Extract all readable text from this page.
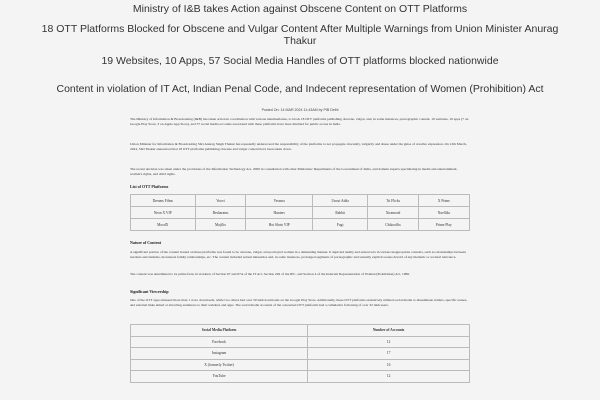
Ministry of I&B takes Action against Obscene Content on OTT Platforms
18 OTT Platforms Blocked for Obscene and Vulgar Content After Multiple Warnings from Union Minister Anurag Thakur
19 Websites, 10 Apps, 57 Social Media Handles of OTT platforms blocked nationwide
Content in violation of IT Act, Indian Penal Code, and Indecent representation of Women (Prohibition) Act
Posted On: 14 MAR 2024 11:43AM by PIB Delhi
The Ministry of Information & Broadcasting (I&B) has taken action in coordination with various intermediaries, to block 18 OTT platforms publishing obscene, vulgar, and, in some instances, pornographic content. 19 websites, 10 apps (7 on Google Play Store, 3 on Apple App Store), and 57 social media accounts associated with these platforms have been disabled for public access in India.
Union Minister for Information & Broadcasting Shri Anurag Singh Thakur has repeatedly underscored the responsibility of the platforms to not propagate obscenity, vulgarity and abuse under the guise of creative expression. On 12th March, 2024, Shri Thakur announced that 18 OTT platforms publishing obscene and vulgar content have been taken down.
The recent decision was taken under the provisions of the Information Technology Act, 2000 in consultation with other Ministries/ Departments of the Government of India, and domain experts specializing in media and entertainment, women's rights, and child rights.
List of OTT Platforms
Dreams Films	Voovi	Yessma	Uncut Adda	Tri Flicks	X Prime
Neon X VIP	Besharams	Hunters	Rabbit	Xtramood	Nuefliks
MoodX	Mojflix	Hot Shots VIP	Fugi	Chikooflix	Prime Play
Nature of Content
A significant portion of the content hosted on these platforms was found to be obscene, vulgar, and portrayed women in a demeaning manner. It depicted nudity and sexual acts in various inappropriate contexts, such as relationships between teachers and students, incestuous family relationships, etc. The content included sexual innuendos and, in some instances, prolonged segments of pornographic and sexually explicit scenes devoid of any thematic or societal relevance.
The content was determined to be prima facie in violation of Section 67 and 67A of the IT Act, Section 292 of the IPC, and Section 4 of the Indecent Representation of Women (Prohibition) Act, 1986.
Significant Viewership
One of the OTT apps amassed more than 1 crore downloads, while two others had over 50 lakh downloads on the Google Play Store. Additionally, these OTT platforms extensively utilized social media to disseminate trailers, specific scenes, and external links aimed at attracting audiences to their websites and apps. The social media accounts of the concerned OTT platforms had a cumulative following of over 32 lakh users.
Social Media Platform	Number of Accounts
Facebook	12
Instagram	17
X (formerly Twitter)	16
YouTube	12
